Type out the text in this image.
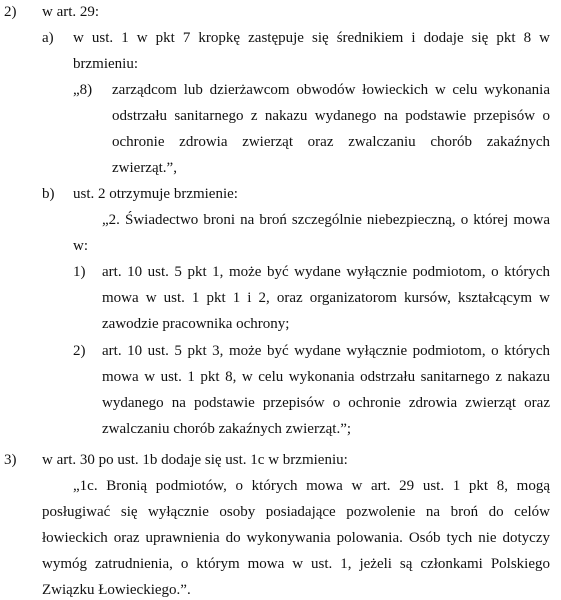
2) w art. 29:
a) w ust. 1 w pkt 7 kropkę zastępuje się średnikiem i dodaje się pkt 8 w
brzmieniu:
„8) zarządcom lub dzierżawcom obwodów łowieckich w celu wykonania
odstrzału sanitarnego z nakazu wydanego na podstawie przepisów o
ochronie zdrowia zwierząt oraz zwalczaniu chorób zakaźnych
zwierząt.”,
b) ust. 2 otrzymuje brzmienie:
„2. Świadectwo broni na broń szczególnie niebezpieczną, o której mowa
w:
1) art. 10 ust. 5 pkt 1, może być wydane wyłącznie podmiotom, o których
mowa w ust. 1 pkt 1 i 2, oraz organizatorom kursów, kształcącym w
zawodzie pracownika ochrony;
2) art. 10 ust. 5 pkt 3, może być wydane wyłącznie podmiotom, o których
mowa w ust. 1 pkt 8, w celu wykonania odstrzału sanitarnego z nakazu
wydanego na podstawie przepisów o ochronie zdrowia zwierząt oraz
zwalczaniu chorób zakaźnych zwierząt.”;
3) w art. 30 po ust. 1b dodaje się ust. 1c w brzmieniu:
„1c. Bronią podmiotów, o których mowa w art. 29 ust. 1 pkt 8, mogą
posługiwać się wyłącznie osoby posiadające pozwolenie na broń do celów
łowieckich oraz uprawnienia do wykonywania polowania. Osób tych nie dotyczy
wymóg zatrudnienia, o którym mowa w ust. 1, jeżeli są członkami Polskiego
Związku Łowieckiego.”.
